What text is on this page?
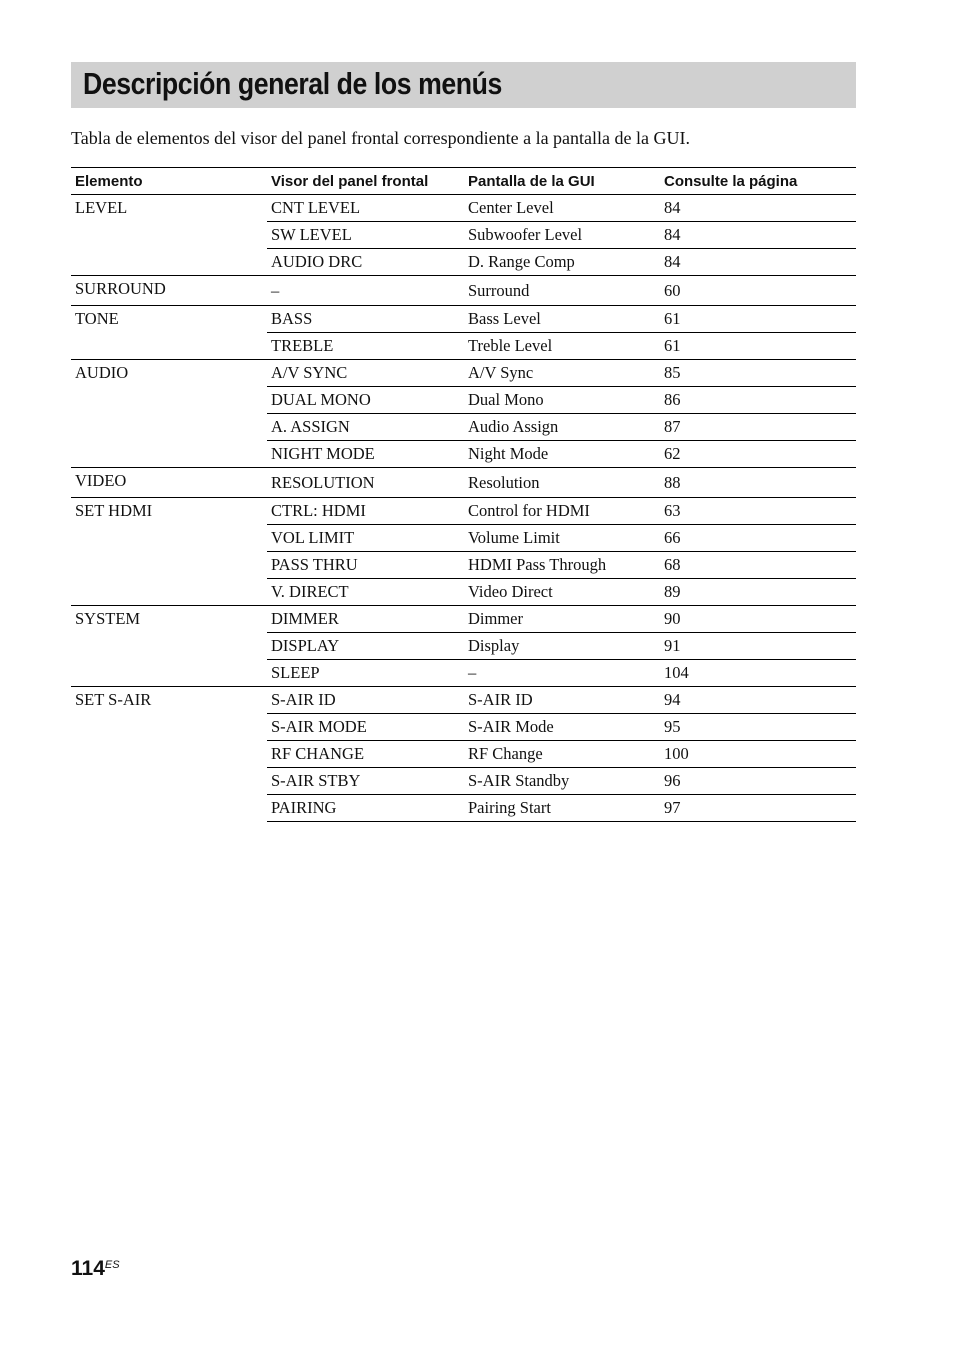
Descripción general de los menús

Tabla de elementos del visor del panel frontal correspondiente a la pantalla de la GUI.

Elemento	Visor del panel frontal	Pantalla de la GUI	Consulte la página
LEVEL	CNT LEVEL	Center Level	84
	SW LEVEL	Subwoofer Level	84
	AUDIO DRC	D. Range Comp	84
SURROUND	–	Surround	60
TONE	BASS	Bass Level	61
	TREBLE	Treble Level	61
AUDIO	A/V SYNC	A/V Sync	85
	DUAL MONO	Dual Mono	86
	A. ASSIGN	Audio Assign	87
	NIGHT MODE	Night Mode	62
VIDEO	RESOLUTION	Resolution	88
SET HDMI	CTRL: HDMI	Control for HDMI	63
	VOL LIMIT	Volume Limit	66
	PASS THRU	HDMI Pass Through	68
	V. DIRECT	Video Direct	89
SYSTEM	DIMMER	Dimmer	90
	DISPLAY	Display	91
	SLEEP	–	104
SET S-AIR	S-AIR ID	S-AIR ID	94
	S-AIR MODE	S-AIR Mode	95
	RF CHANGE	RF Change	100
	S-AIR STBY	S-AIR Standby	96
	PAIRING	Pairing Start	97
$114^{ES}$
